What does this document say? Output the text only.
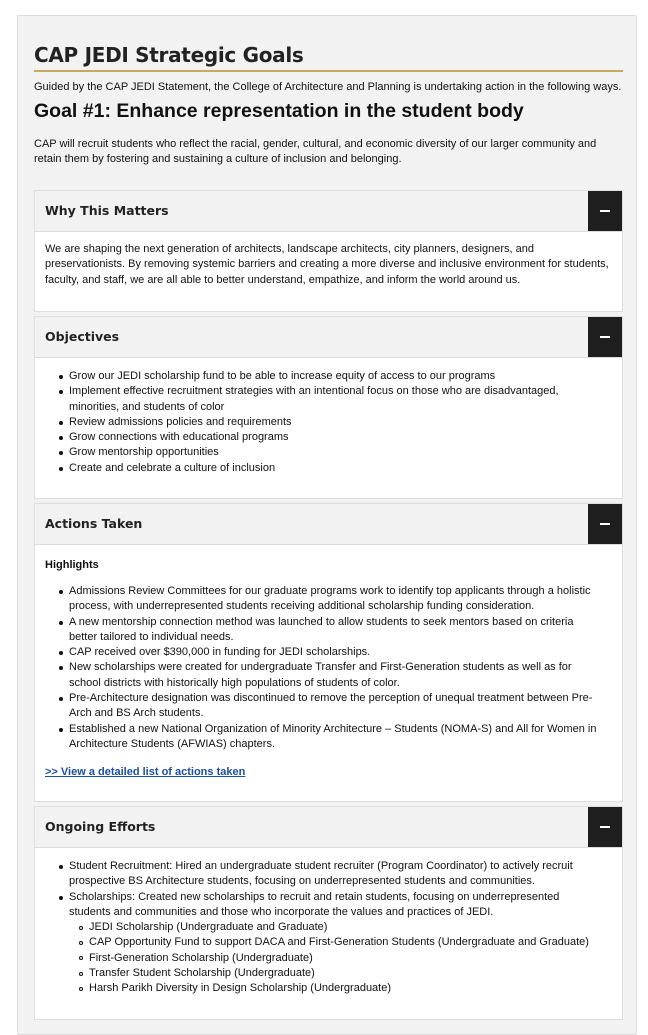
CAP JEDI Strategic Goals
Guided by the CAP JEDI Statement, the College of Architecture and Planning is undertaking action in the following ways.
Goal #1: Enhance representation in the student body
CAP will recruit students who reflect the racial, gender, cultural, and economic diversity of our larger community and retain them by fostering and sustaining a culture of inclusion and belonging.
Why This Matters

We are shaping the next generation of architects, landscape architects, city planners, designers, and preservationists. By removing systemic barriers and creating a more diverse and inclusive environment for students, faculty, and staff, we are all able to better understand, empathize, and inform the world around us.

Objectives
Grow our JEDI scholarship fund to be able to increase equity of access to our programs
Implement effective recruitment strategies with an intentional focus on those who are disadvantaged, minorities, and students of color
Review admissions policies and requirements
Grow connections with educational programs
Grow mentorship opportunities
Create and celebrate a culture of inclusion
Actions Taken
Highlights
Admissions Review Committees for our graduate programs work to identify top applicants through a holistic process, with underrepresented students receiving additional scholarship funding consideration.
A new mentorship connection method was launched to allow students to seek mentors based on criteria better tailored to individual needs.
CAP received over $390,000 in funding for JEDI scholarships.
New scholarships were created for undergraduate Transfer and First-Generation students as well as for school districts with historically high populations of students of color.
Pre-Architecture designation was discontinued to remove the perception of unequal treatment between Pre-Arch and BS Arch students.
Established a new National Organization of Minority Architecture – Students (NOMA-S) and All for Women in Architecture Students (AFWIAS) chapters.
>> View a detailed list of actions taken
Ongoing Efforts
Student Recruitment: Hired an undergraduate student recruiter (Program Coordinator) to actively recruit prospective BS Architecture students, focusing on underrepresented students and communities.
Scholarships: Created new scholarships to recruit and retain students, focusing on underrepresented students and communities and those who incorporate the values and practices of JEDI.
JEDI Scholarship (Undergraduate and Graduate)
CAP Opportunity Fund to support DACA and First-Generation Students (Undergraduate and Graduate)
First-Generation Scholarship (Undergraduate)
Transfer Student Scholarship (Undergraduate)
Harsh Parikh Diversity in Design Scholarship (Undergraduate)
